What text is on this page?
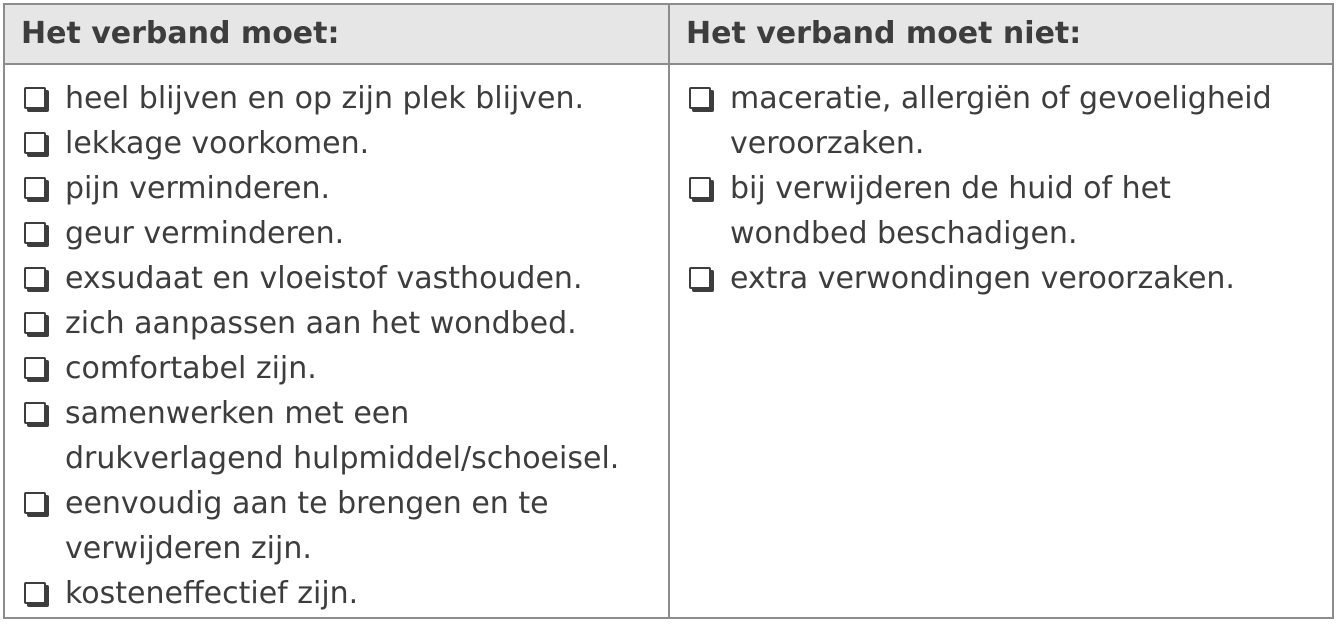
Het verband moet:	Het verband moet niet:
heel blijven en op zijn plek blijven.
lekkage voorkomen.
pijn verminderen.
geur verminderen.
exsudaat en vloeistof vasthouden.
zich aanpassen aan het wondbed.
comfortabel zijn.
samenwerken met een
drukverlagend hulpmiddel/schoeisel.
eenvoudig aan te brengen en te
verwijderen zijn.
kosteneffectief zijn.
maceratie, allergiën of gevoeligheid
veroorzaken.
bij verwijderen de huid of het
wondbed beschadigen.
extra verwondingen veroorzaken.
